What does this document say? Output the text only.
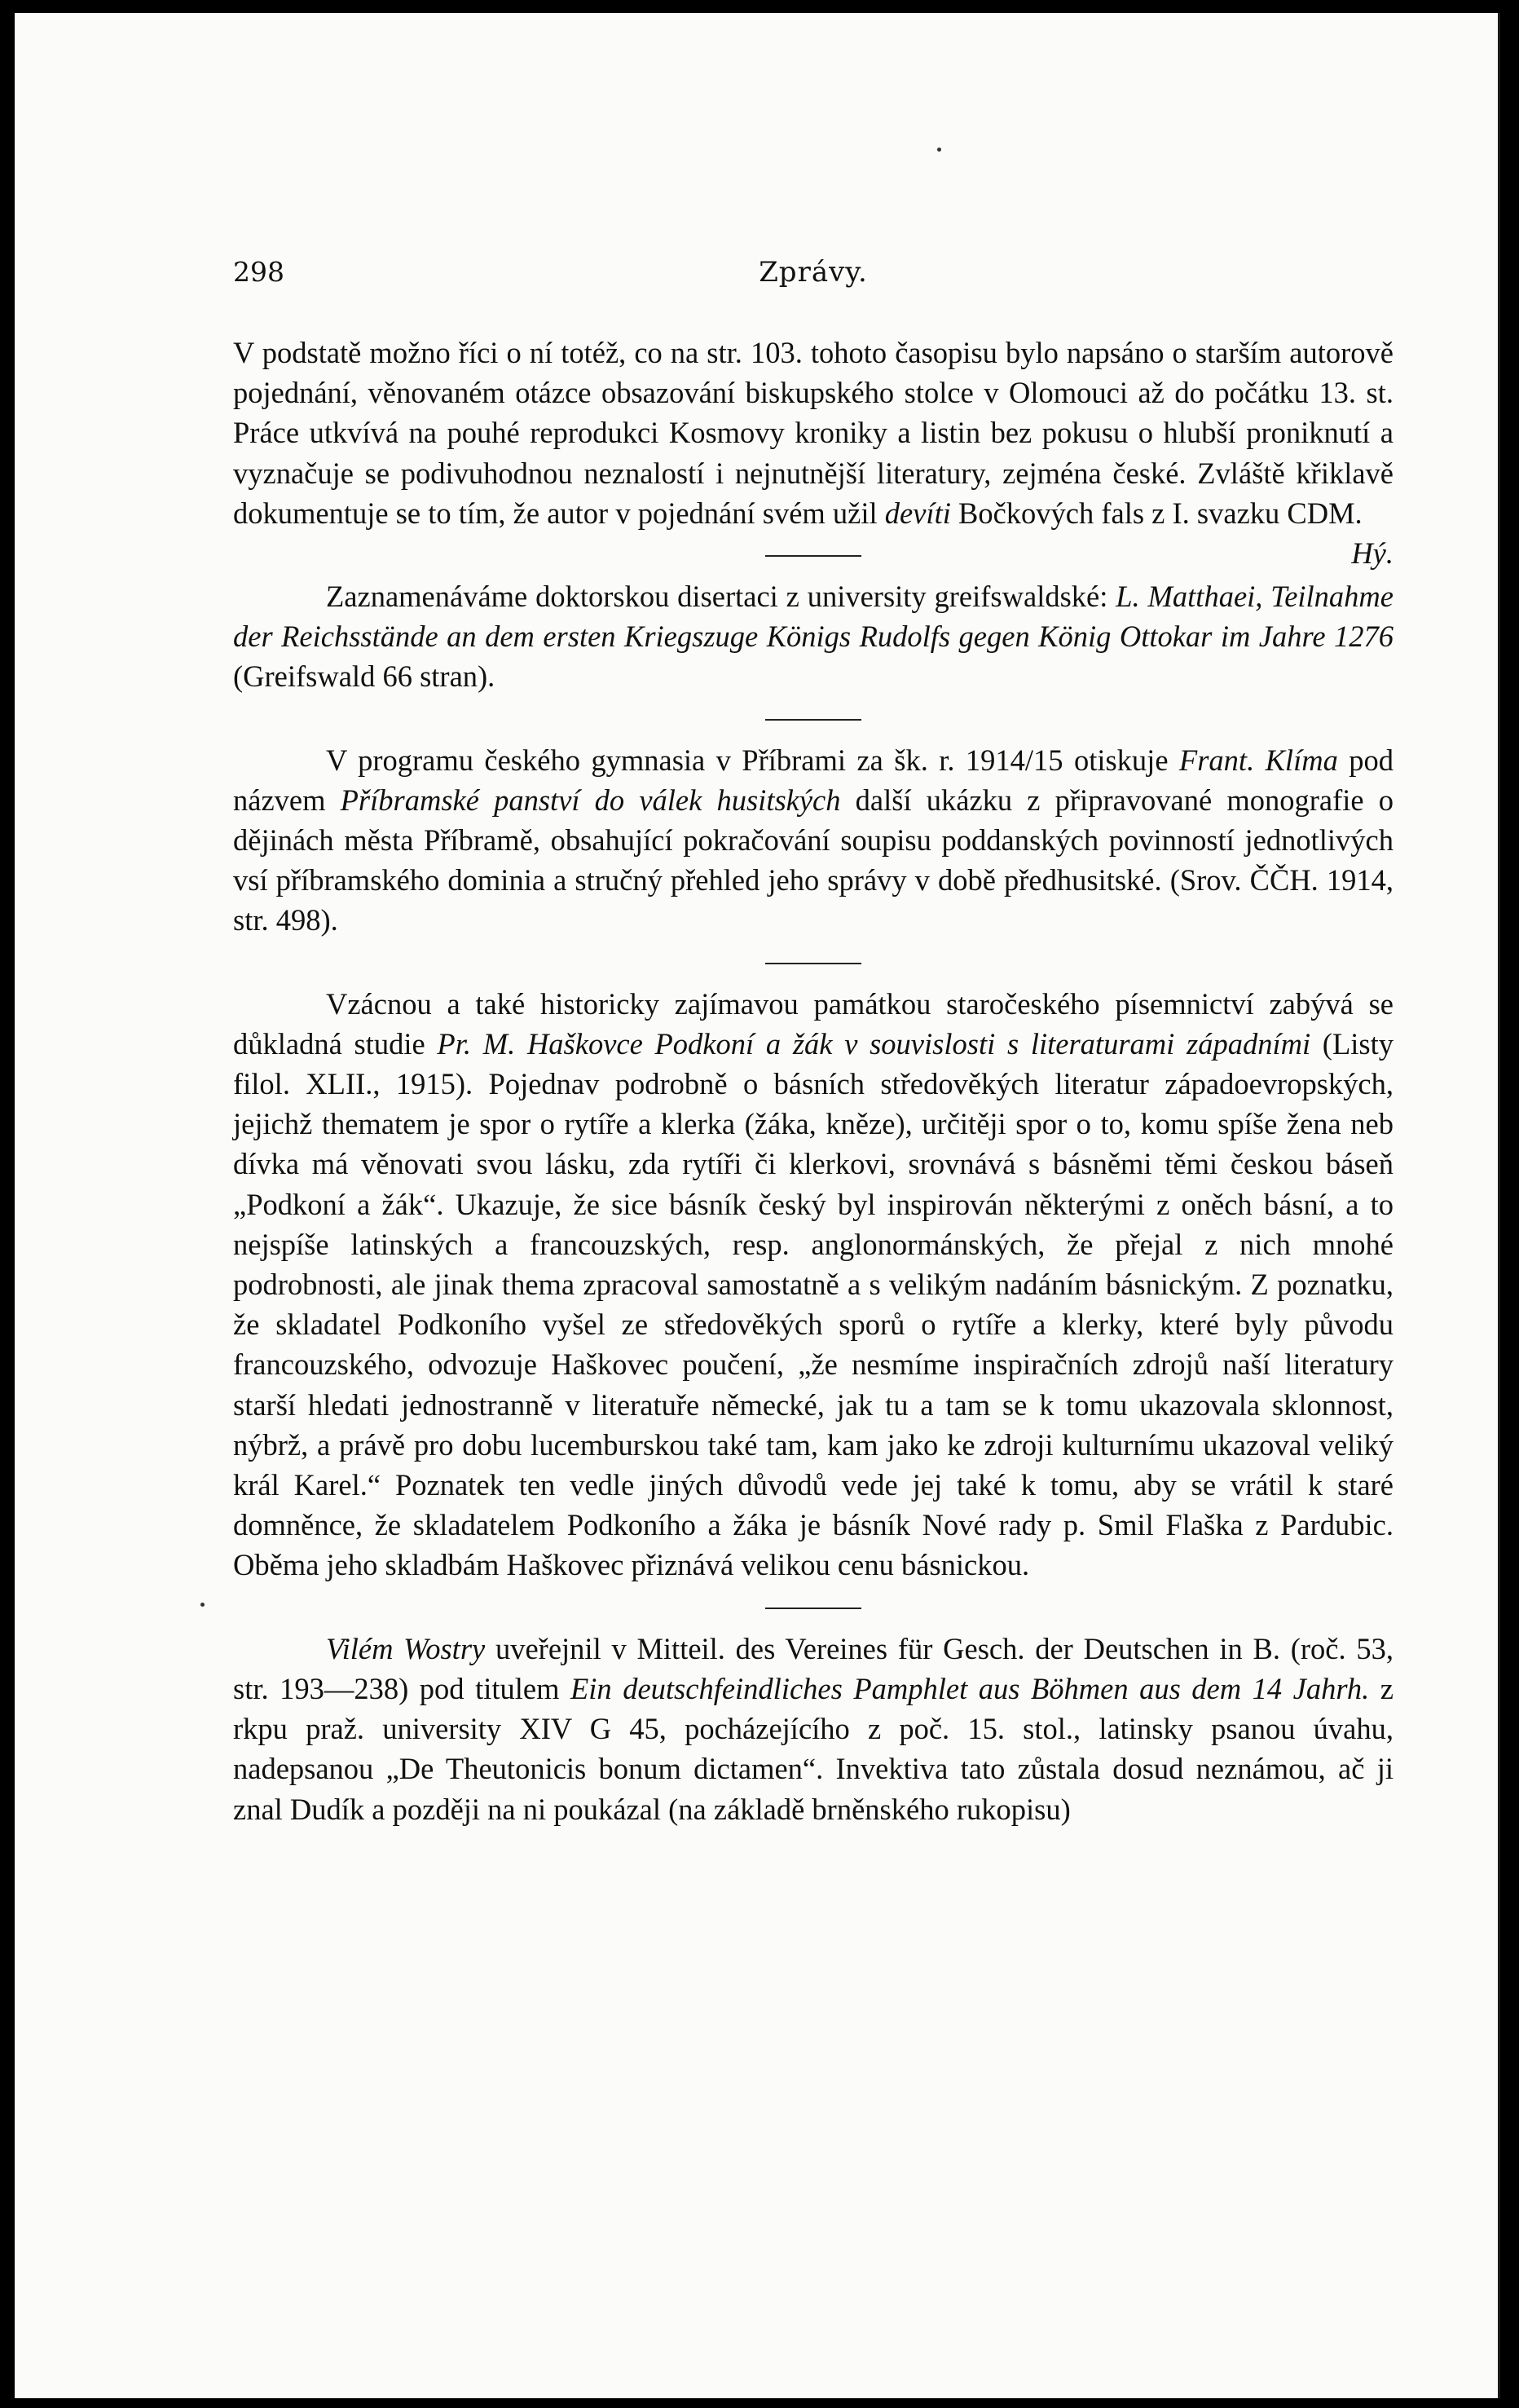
298	Zprávy.

V podstatě možno říci o ní totéž, co na str. 103. tohoto časopisu bylo napsáno o starším autorově pojednání, věnovaném otázce obsazování biskupského stolce v Olomouci až do počátku 13. st. Práce utkvívá na pouhé reprodukci Kosmovy kroniky a listin bez pokusu o hlubší proniknutí a vyznačuje se podivuhodnou neznalostí i nejnutnější literatury, zejména české. Zvláště křiklavě dokumentuje se to tím, že autor v pojednání svém užil devíti Bočkových fals z I. svazku CDM.
Hý.

Zaznamenáváme doktorskou disertaci z university greifswaldské: L. Matthaei, Teilnahme der Reichsstände an dem ersten Kriegszuge Königs Rudolfs gegen König Ottokar im Jahre 1276 (Greifswald 66 stran).

V programu českého gymnasia v Příbrami za šk. r. 1914/15 otiskuje Frant. Klíma pod názvem Příbramské panství do válek husitských další ukázku z připravované monografie o dějinách města Příbramě, obsahující pokračování soupisu poddanských povinností jednotlivých vsí příbramského dominia a stručný přehled jeho správy v době předhusitské. (Srov. ČČH. 1914, str. 498).

Vzácnou a také historicky zajímavou památkou staročeského písemnictví zabývá se důkladná studie Pr. M. Haškovce Podkoní a žák v souvislosti s literaturami západními (Listy filol. XLII., 1915). Pojednav podrobně o básních středověkých literatur západoevropských, jejichž thematem je spor o rytíře a klerka (žáka, kněze), určitěji spor o to, komu spíše žena neb dívka má věnovati svou lásku, zda rytíři či klerkovi, srovnává s básněmi těmi českou báseň „Podkoní a žák“. Ukazuje, že sice básník český byl inspirován některými z oněch básní, a to nejspíše latinských a francouzských, resp. anglonormánských, že přejal z nich mnohé podrobnosti, ale jinak thema zpracoval samostatně a s velikým nadáním básnickým. Z poznatku, že skladatel Podkoního vyšel ze středověkých sporů o rytíře a klerky, které byly původu francouzského, odvozuje Haškovec poučení, „že nesmíme inspiračních zdrojů naší literatury starší hledati jednostranně v literatuře německé, jak tu a tam se k tomu ukazovala sklonnost, nýbrž, a právě pro dobu lucemburskou také tam, kam jako ke zdroji kulturnímu ukazoval veliký král Karel.“ Poznatek ten vedle jiných důvodů vede jej také k tomu, aby se vrátil k staré domněnce, že skladatelem Podkoního a žáka je básník Nové rady p. Smil Flaška z Pardubic. Oběma jeho skladbám Haškovec přiznává velikou cenu básnickou.

Vilém Wostry uveřejnil v Mitteil. des Vereines für Gesch. der Deutschen in B. (roč. 53, str. 193—238) pod titulem Ein deutschfeindliches Pamphlet aus Böhmen aus dem 14 Jahrh. z rkpu praž. university XIV G 45, pocházejícího z poč. 15. stol., latinsky psanou úvahu, nadepsanou „De Theutonicis bonum dictamen“. Invektiva tato zůstala dosud neznámou, ač ji znal Dudík a později na ni poukázal (na základě brněnského rukopisu)
